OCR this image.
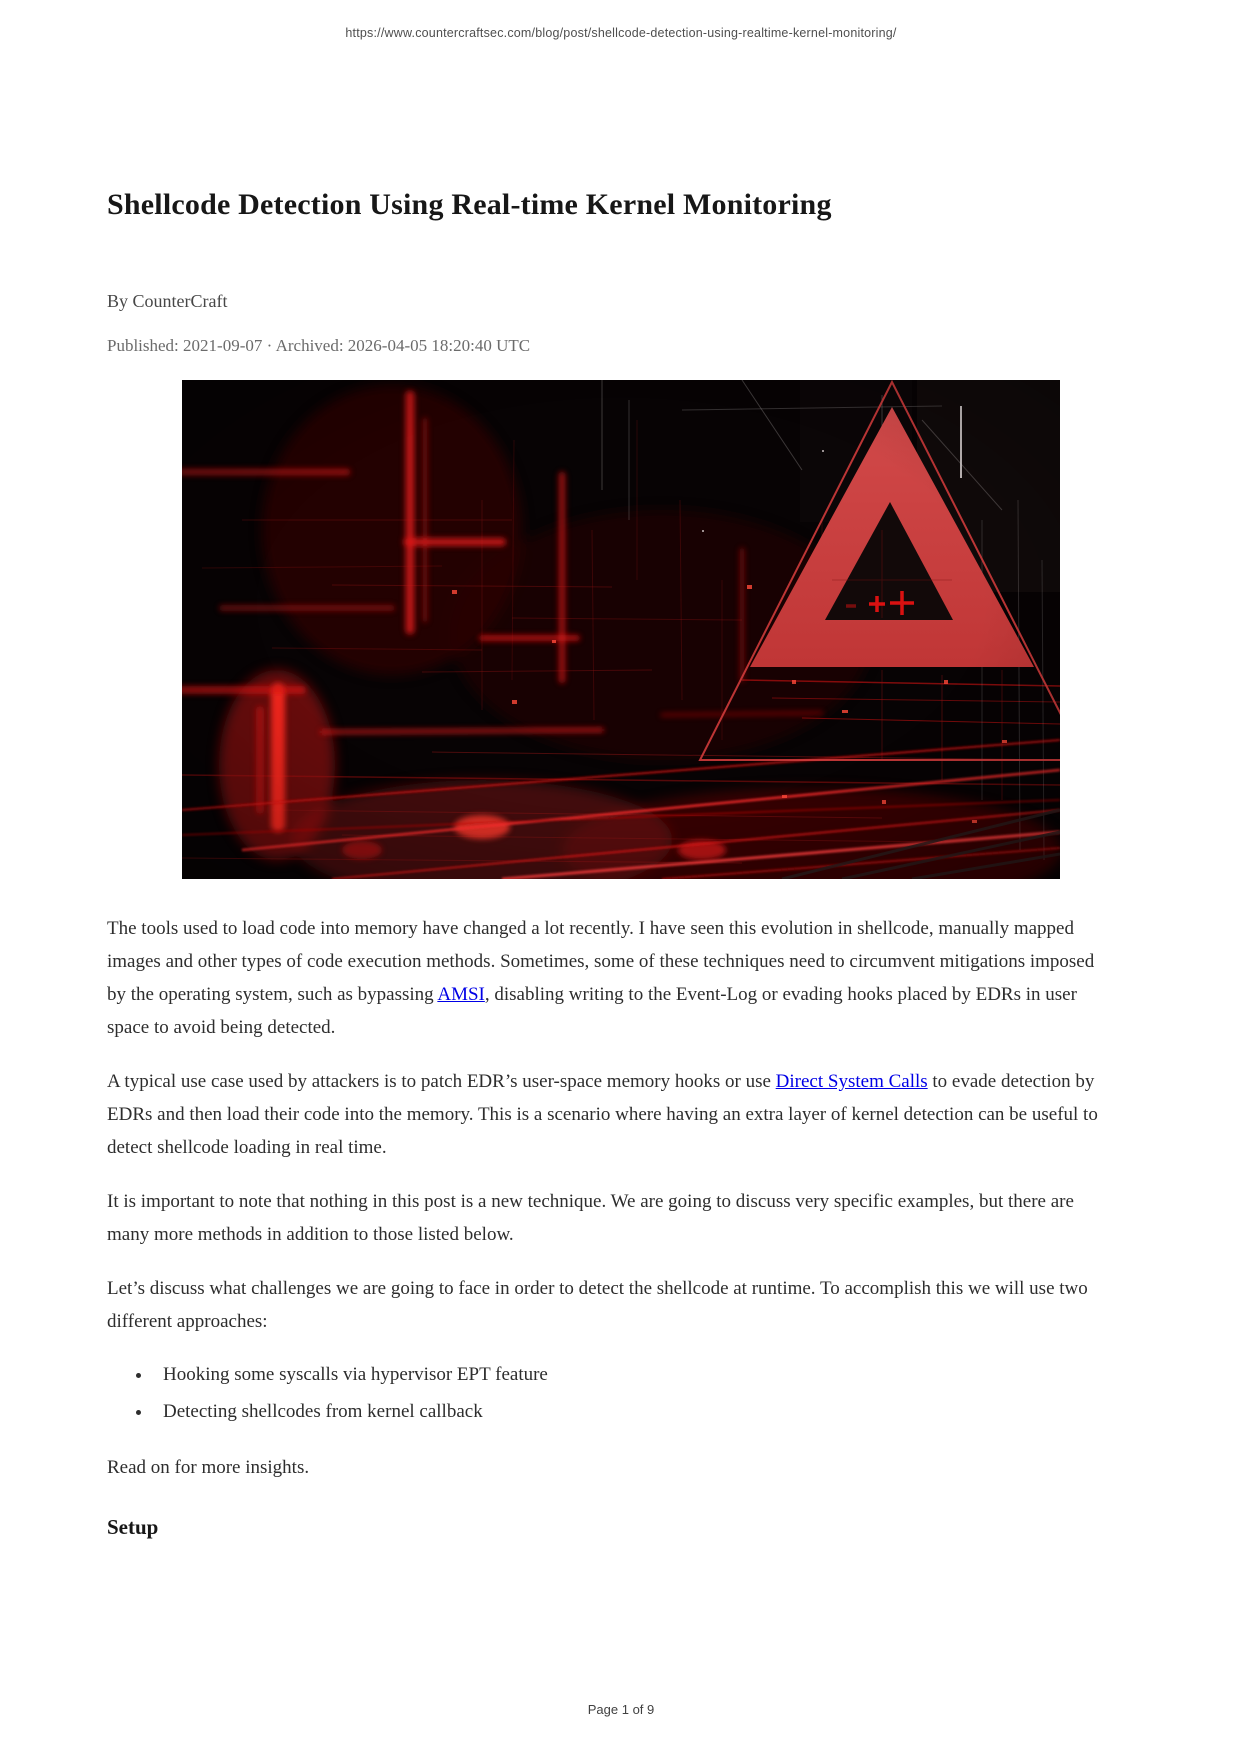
https://www.countercraftsec.com/blog/post/shellcode-detection-using-realtime-kernel-monitoring/
Shellcode Detection Using Real-time Kernel Monitoring

By CounterCraft

Published: 2021-09-07 · Archived: 2026-04-05 18:20:40 UTC

The tools used to load code into memory have changed a lot recently. I have seen this evolution in shellcode, manually mapped images and other types of code execution methods. Sometimes, some of these techniques need to circumvent mitigations imposed by the operating system, such as bypassing AMSI, disabling writing to the Event-Log or evading hooks placed by EDRs in user space to avoid being detected.

A typical use case used by attackers is to patch EDR’s user-space memory hooks or use Direct System Calls to evade detection by EDRs and then load their code into the memory. This is a scenario where having an extra layer of kernel detection can be useful to detect shellcode loading in real time.

It is important to note that nothing in this post is a new technique. We are going to discuss very specific examples, but there are many more methods in addition to those listed below.

Let’s discuss what challenges we are going to face in order to detect the shellcode at runtime. To accomplish this we will use two different approaches:

• Hooking some syscalls via hypervisor EPT feature
• Detecting shellcodes from kernel callback

Read on for more insights.

Setup
Page 1 of 9
